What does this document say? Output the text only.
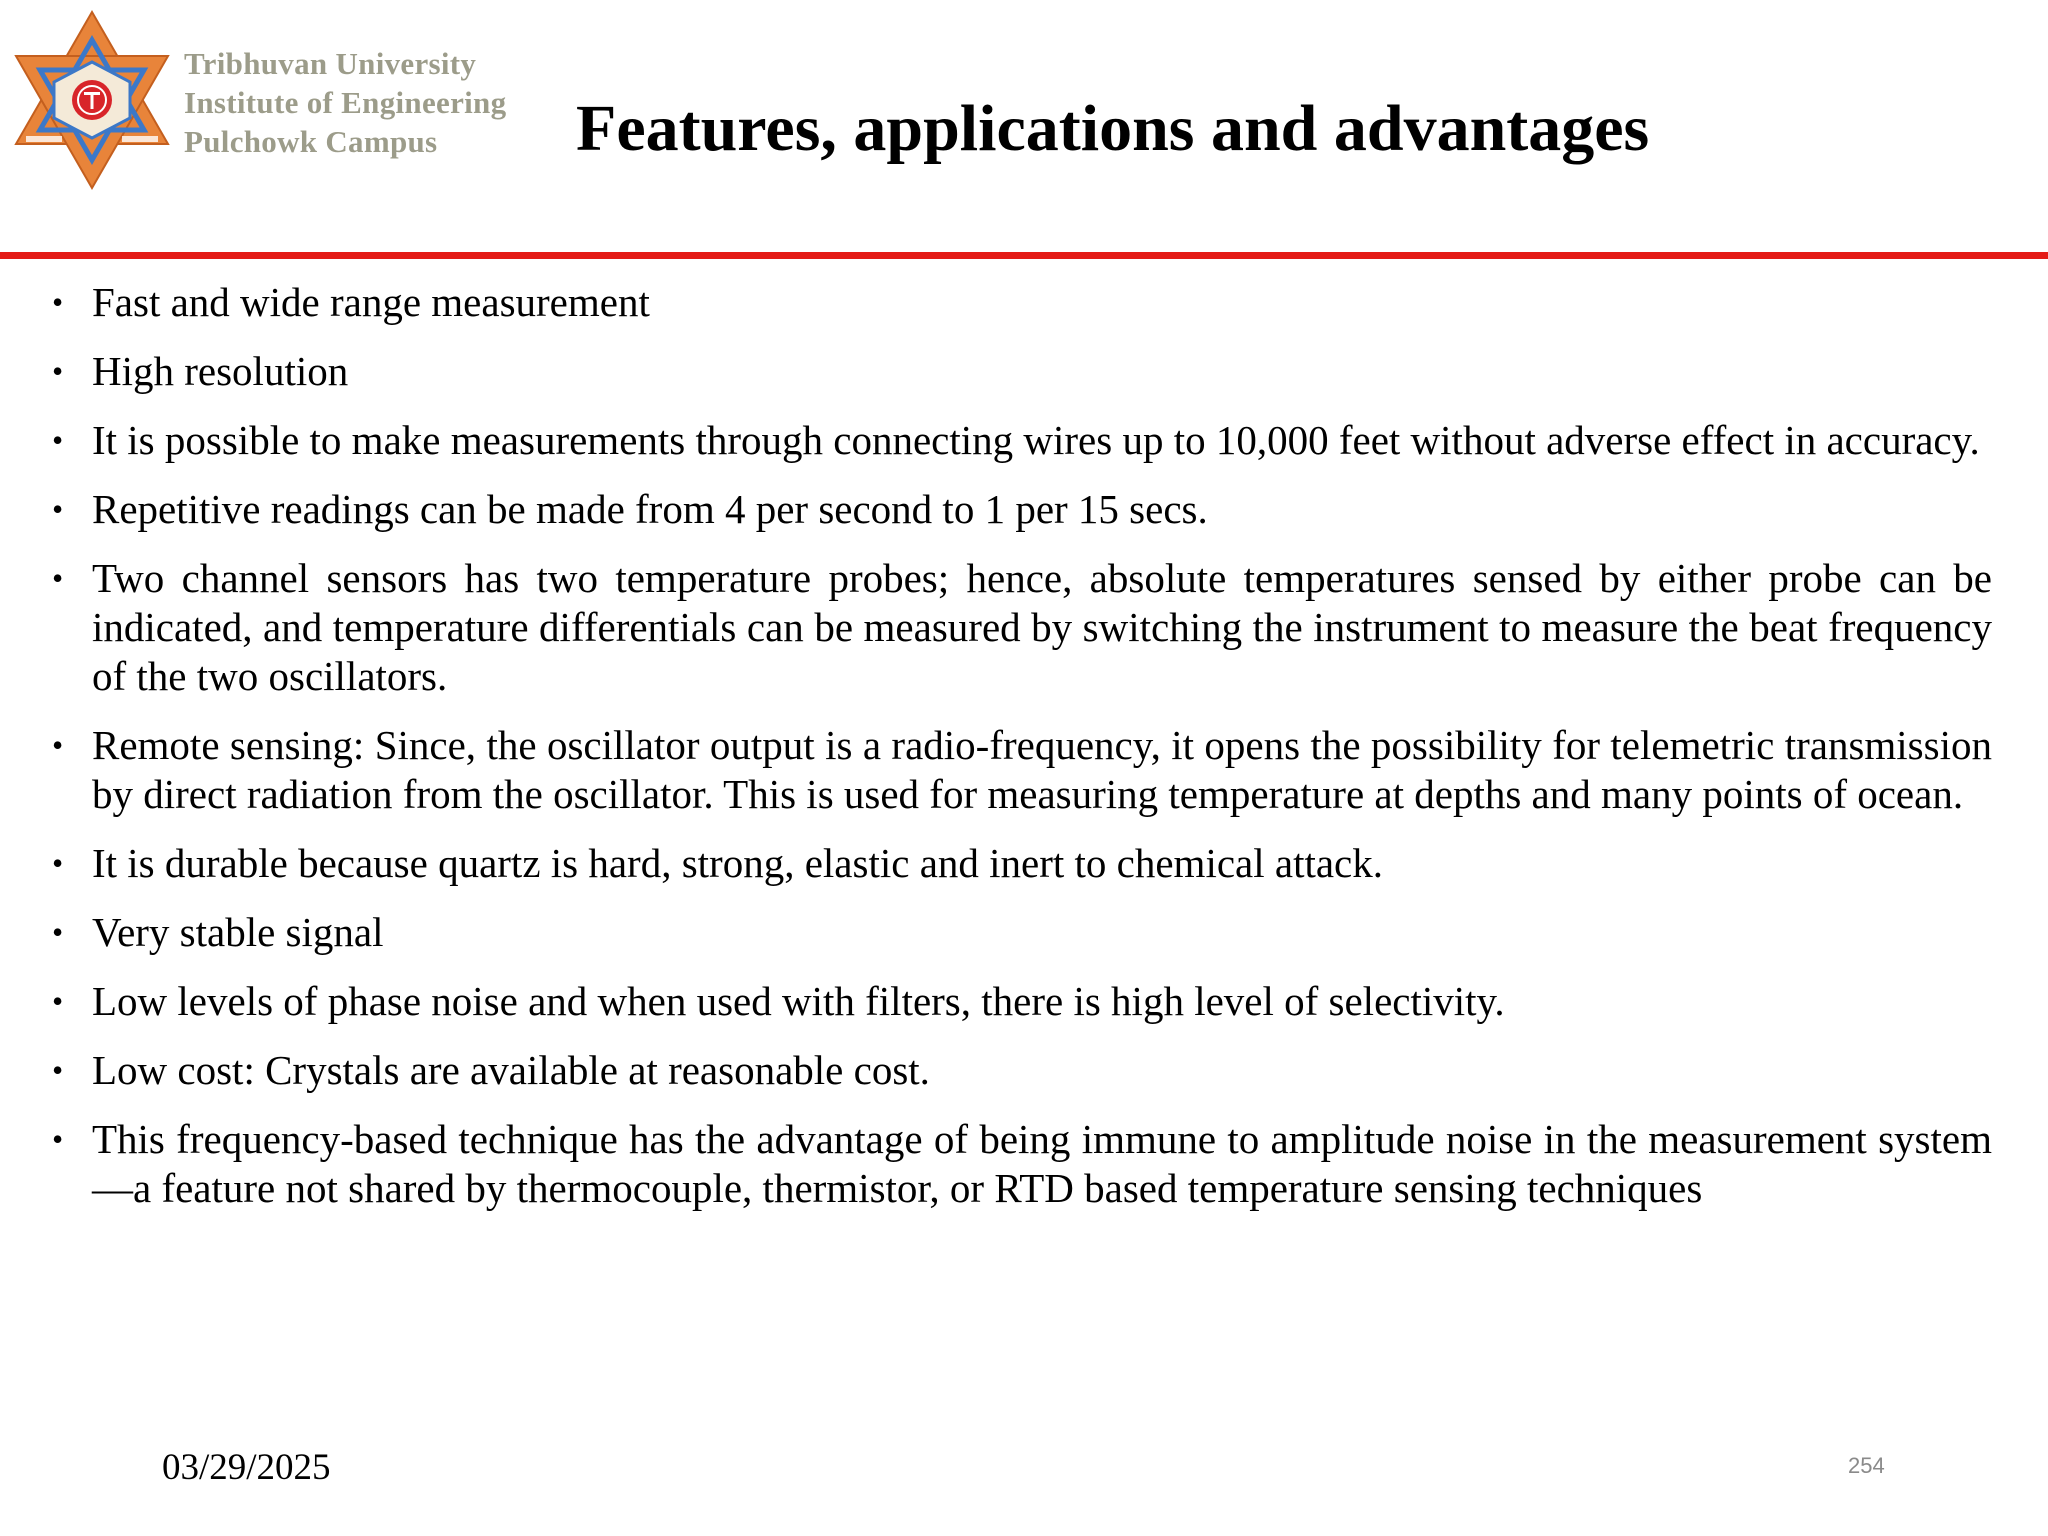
Tribhuvan University
Institute of Engineering
Pulchowk Campus	Features, applications and advantages
• Fast and wide range measurement
• High resolution
• It is possible to make measurements through connecting wires up to 10,000 feet without adverse effect in accuracy.
• Repetitive readings can be made from 4 per second to 1 per 15 secs.
• Two channel sensors has two temperature probes; hence, absolute temperatures sensed by either probe can be indicated, and temperature differentials can be measured by switching the instrument to measure the beat frequency of the two oscillators.
• Remote sensing: Since, the oscillator output is a radio-frequency, it opens the possibility for telemetric transmission by direct radiation from the oscillator. This is used for measuring temperature at depths and many points of ocean.
• It is durable because quartz is hard, strong, elastic and inert to chemical attack.
• Very stable signal
• Low levels of phase noise and when used with filters, there is high level of selectivity.
• Low cost: Crystals are available at reasonable cost.
• This frequency-based technique has the advantage of being immune to amplitude noise in the measurement system—a feature not shared by thermocouple, thermistor, or RTD based temperature sensing techniques
03/29/2025	254
